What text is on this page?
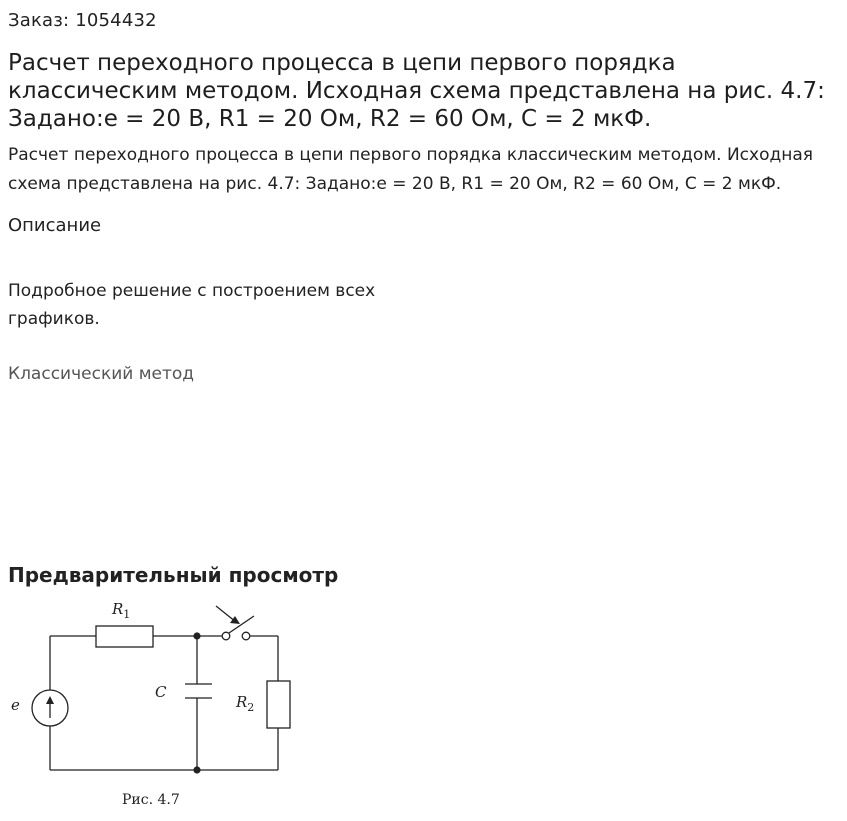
Заказ: 1054432

Расчет переходного процесса в цепи первого порядка классическим методом. Исходная схема представлена на рис. 4.7: Задано:e = 20 В, R1 = 20 Ом, R2 = 60 Ом, С = 2 мкФ.

Расчет переходного процесса в цепи первого порядка классическим методом. Исходная схема представлена на рис. 4.7: Задано:e = 20 В, R1 = 20 Ом, R2 = 60 Ом, С = 2 мкФ.

Описание

Подробное решение с построением всех графиков.

Классический метод

Предварительный просмотр
$R_1$
C
$R_2$
e
Рис. 4.7
